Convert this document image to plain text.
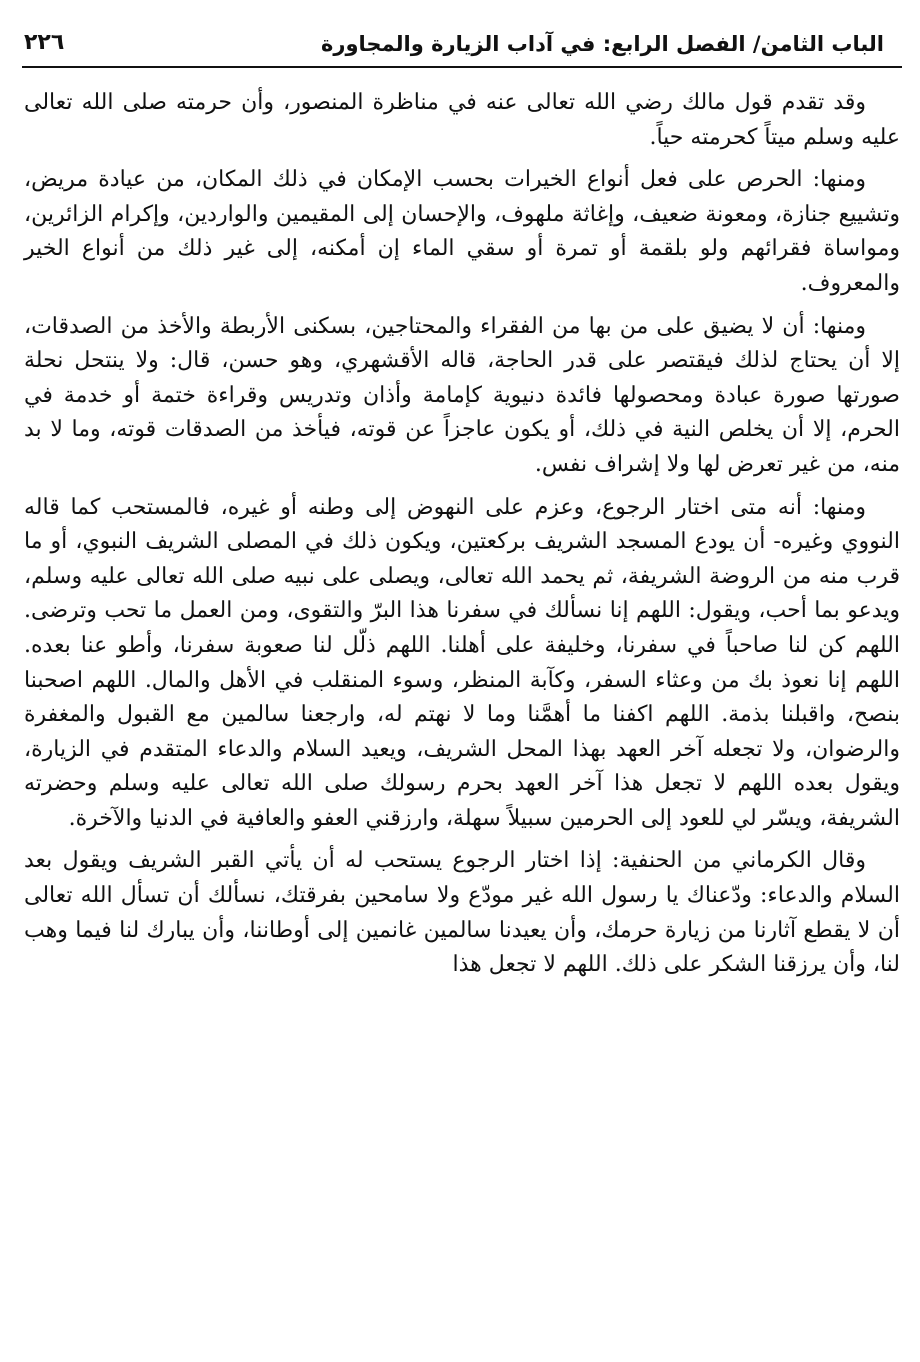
الباب الثامن/ الفصل الرابع: في آداب الزيارة والمجاورة
٢٢٦

وقد تقدم قول مالك رضي الله تعالى عنه في مناظرة المنصور، وأن حرمته صلى الله تعالى عليه وسلم ميتاً كحرمته حياً.

ومنها: الحرص على فعل أنواع الخيرات بحسب الإمكان في ذلك المكان، من عيادة مريض، وتشييع جنازة، ومعونة ضعيف، وإغاثة ملهوف، والإحسان إلى المقيمين والواردين، وإكرام الزائرين، ومواساة فقرائهم ولو بلقمة أو تمرة أو سقي الماء إن أمكنه، إلى غير ذلك من أنواع الخير والمعروف.

ومنها: أن لا يضيق على من بها من الفقراء والمحتاجين، بسكنى الأربطة والأخذ من الصدقات، إلا أن يحتاج لذلك فيقتصر على قدر الحاجة، قاله الأقشهري، وهو حسن، قال: ولا ينتحل نحلة صورتها صورة عبادة ومحصولها فائدة دنيوية كإمامة وأذان وتدريس وقراءة ختمة أو خدمة في الحرم، إلا أن يخلص النية في ذلك، أو يكون عاجزاً عن قوته، فيأخذ من الصدقات قوته، وما لا بد منه، من غير تعرض لها ولا إشراف نفس.

ومنها: أنه متى اختار الرجوع، وعزم على النهوض إلى وطنه أو غيره، فالمستحب كما قاله النووي وغيره- أن يودع المسجد الشريف بركعتين، ويكون ذلك في المصلى الشريف النبوي، أو ما قرب منه من الروضة الشريفة، ثم يحمد الله تعالى، ويصلى على نبيه صلى الله تعالى عليه وسلم، ويدعو بما أحب، ويقول: اللهم إنا نسألك في سفرنا هذا البرّ والتقوى، ومن العمل ما تحب وترضى. اللهم كن لنا صاحباً في سفرنا، وخليفة على أهلنا. اللهم ذلّل لنا صعوبة سفرنا، وأطو عنا بعده. اللهم إنا نعوذ بك من وعثاء السفر، وكآبة المنظر، وسوء المنقلب في الأهل والمال. اللهم اصحبنا بنصح، واقبلنا بذمة. اللهم اكفنا ما أهمَّنا وما لا نهتم له، وارجعنا سالمين مع القبول والمغفرة والرضوان، ولا تجعله آخر العهد بهذا المحل الشريف، ويعيد السلام والدعاء المتقدم في الزيارة، ويقول بعده اللهم لا تجعل هذا آخر العهد بحرم رسولك صلى الله تعالى عليه وسلم وحضرته الشريفة، ويسّر لي للعود إلى الحرمين سبيلاً سهلة، وارزقني العفو والعافية في الدنيا والآخرة.

وقال الكرماني من الحنفية: إذا اختار الرجوع يستحب له أن يأتي القبر الشريف ويقول بعد السلام والدعاء: ودّعناك يا رسول الله غير مودّع ولا سامحين بفرقتك، نسألك أن تسأل الله تعالى أن لا يقطع آثارنا من زيارة حرمك، وأن يعيدنا سالمين غانمين إلى أوطاننا، وأن يبارك لنا فيما وهب لنا، وأن يرزقنا الشكر على ذلك. اللهم لا تجعل هذا
